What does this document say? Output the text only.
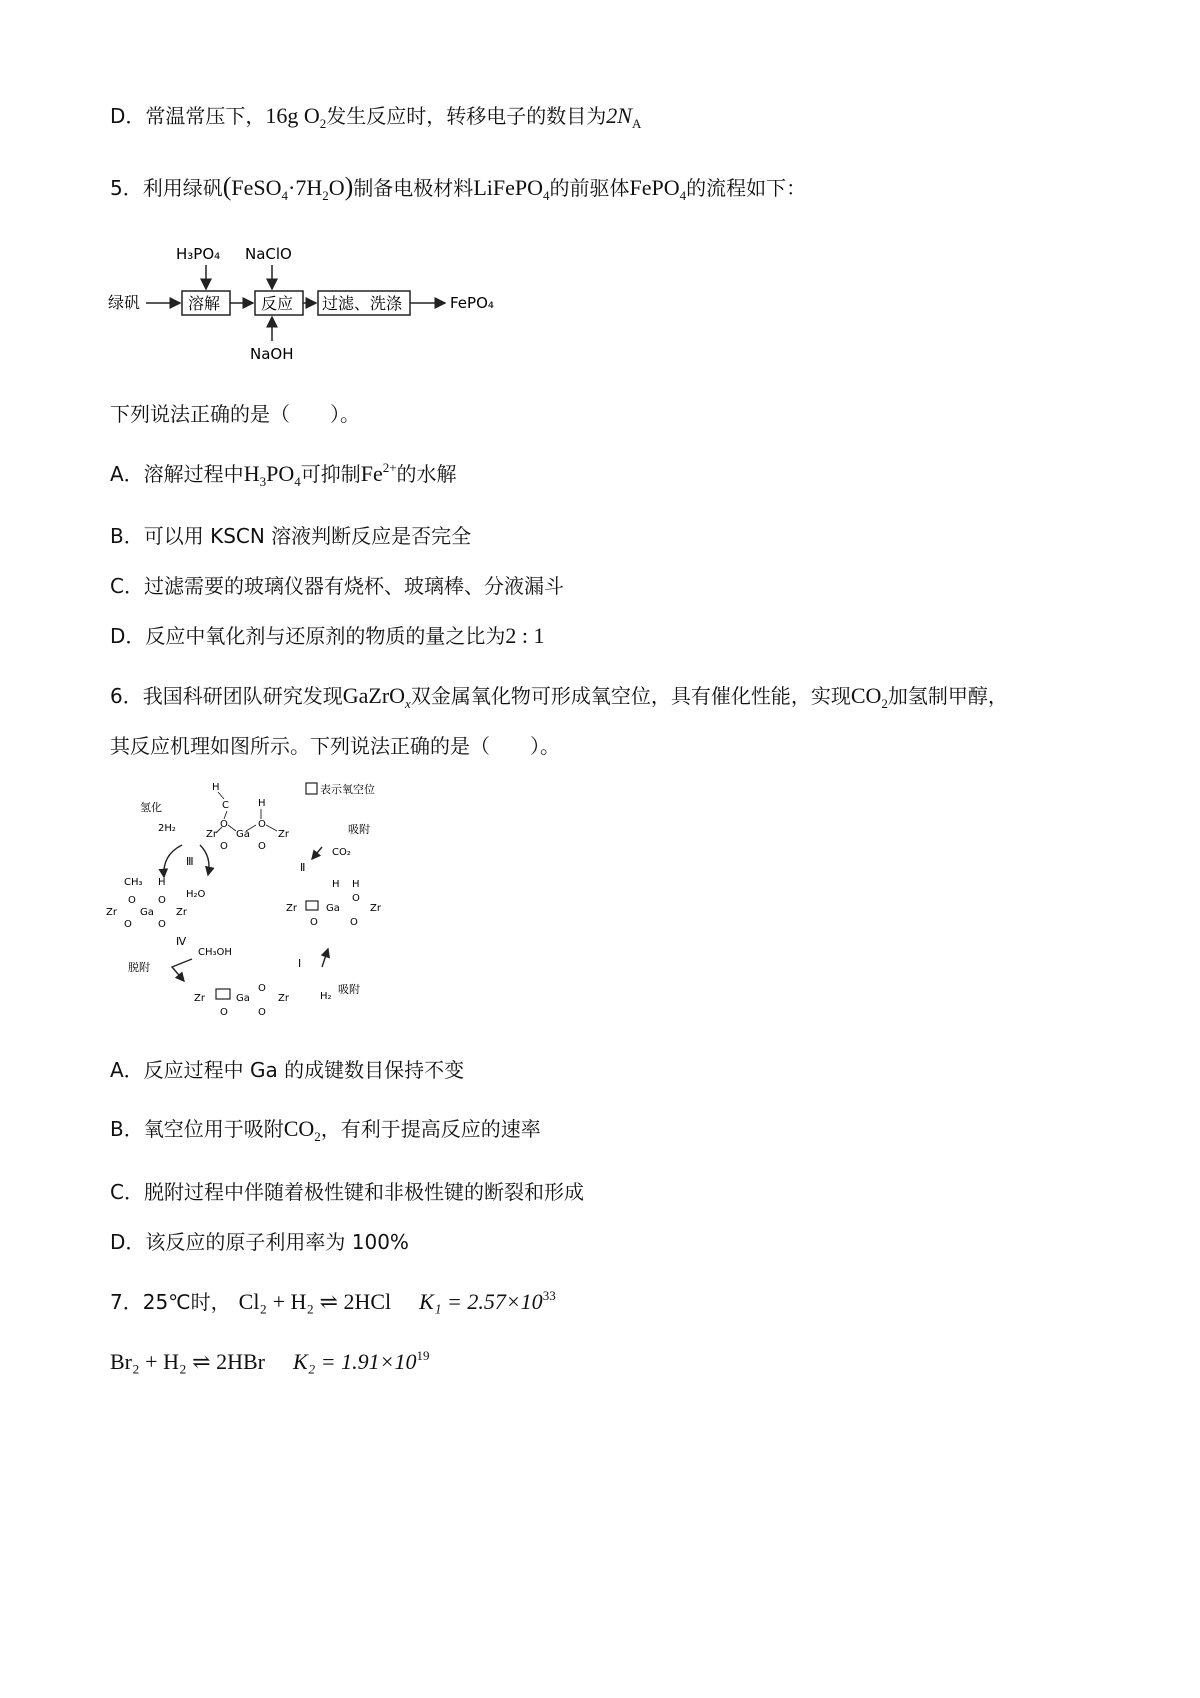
D．常温常压下，16g $O_2$发生反应时，转移电子的数目为$2N_A$
5．利用绿矾$(FeSO_4\cdot 7H_2O)$制备电极材料LiFePO$_4$的前驱体FePO$_4$的流程如下：
绿矾	溶解	反应 过滤、洗涤	FePO₄
H₃PO₄ NaClO
NaOH
下列说法正确的是（　　）。
A．溶解过程中$H_3PO_4$可抑制$Fe^{2+}$的水解
B．可以用 KSCN 溶液判断反应是否完全
C．过滤需要的玻璃仪器有烧杯、玻璃棒、分液漏斗
D．反应中氧化剂与还原剂的物质的量之比为2 : 1
6．我国科研团队研究发现GaZrO$_x$双金属氧化物可形成氧空位，具有催化性能，实现$CO_2$加氢制甲醇，
其反应机理如图所示。下列说法正确的是（　　）。
表示氧空位
H
C	H
Zr Ga	Zr
O
O
O
O
氢化
2H₂
Ⅲ
H₂O
CH₃ H
O O
Zr Ga Zr
O	O
吸附
CO₂
Ⅱ
H H
Zr	Ga	Zr
O
O	O
Ⅳ
CH₃OH
脱附	Ⅰ
吸附
H₂
Zr	Ga	Zr
O
O	O
A．反应过程中 Ga 的成键数目保持不变
B．氧空位用于吸附$CO_2$，有利于提高反应的速率
C．脱附过程中伴随着极性键和非极性键的断裂和形成
D．该反应的原子利用率为 100%
7．25℃时， Cl₂ + H₂ ⇌ 2HCl $K_1 = 2.57\times 10^{33}$
Br₂ + H₂ ⇌ 2HBr $K_2 = 1.91\times 10^{19}$
